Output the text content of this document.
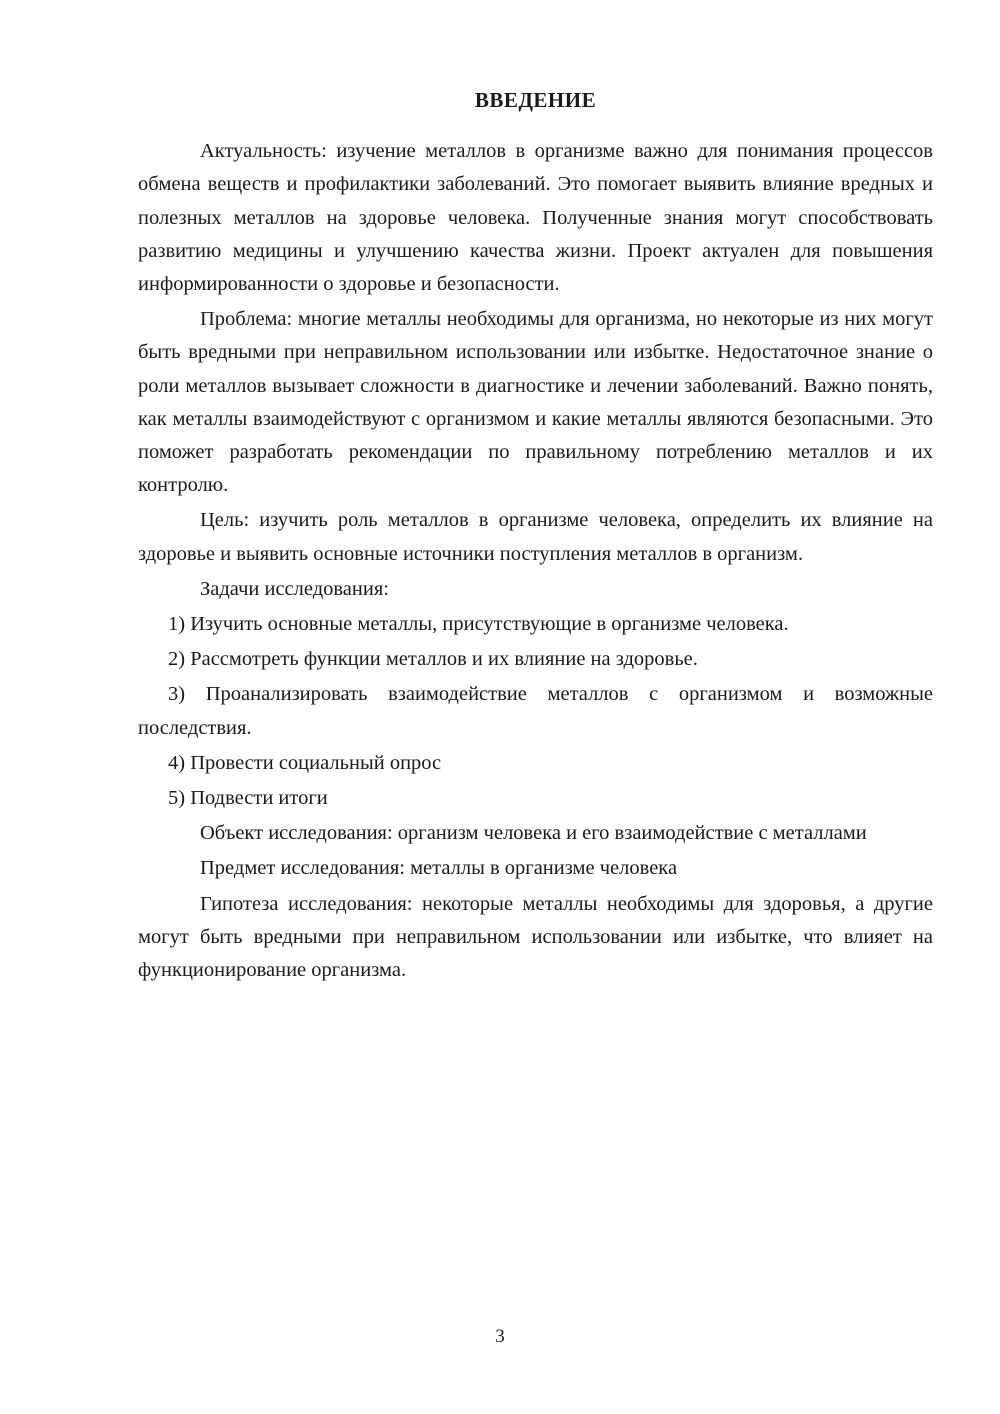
ВВЕДЕНИЕ

Актуальность: изучение металлов в организме важно для понимания процессов обмена веществ и профилактики заболеваний. Это помогает выявить влияние вредных и полезных металлов на здоровье человека. Полученные знания могут способствовать развитию медицины и улучшению качества жизни. Проект актуален для повышения информированности о здоровье и безопасности.

Проблема: многие металлы необходимы для организма, но некоторые из них могут быть вредными при неправильном использовании или избытке. Недостаточное знание о роли металлов вызывает сложности в диагностике и лечении заболеваний. Важно понять, как металлы взаимодействуют с организмом и какие металлы являются безопасными. Это поможет разработать рекомендации по правильному потреблению металлов и их контролю.

Цель: изучить роль металлов в организме человека, определить их влияние на здоровье и выявить основные источники поступления металлов в организм.

Задачи исследования:

1) Изучить основные металлы, присутствующие в организме человека.

2) Рассмотреть функции металлов и их влияние на здоровье.

3) Проанализировать взаимодействие металлов с организмом и возможные последствия.

4) Провести социальный опрос

5) Подвести итоги

Объект исследования: организм человека и его взаимодействие с металлами

Предмет исследования: металлы в организме человека

Гипотеза исследования: некоторые металлы необходимы для здоровья, а другие могут быть вредными при неправильном использовании или избытке, что влияет на функционирование организма.

3
